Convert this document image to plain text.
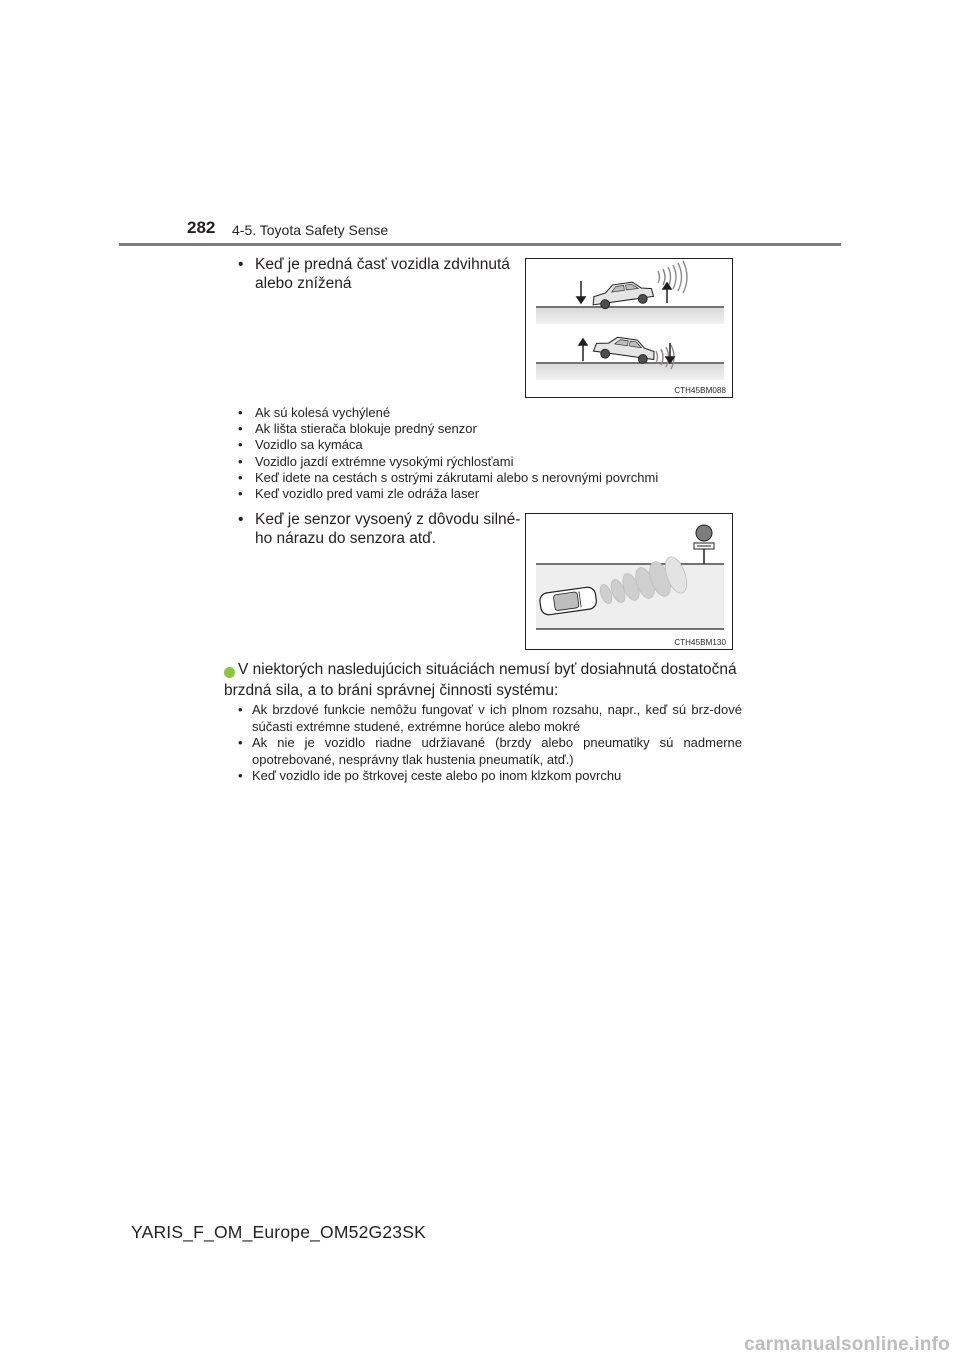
282 4-5. Toyota Safety Sense
• Keď je predná časť vozidla zdvihnutá
alebo znížená
CTH45BM088
• Ak sú kolesá vychýlené
• Ak lišta stierača blokuje predný senzor
• Vozidlo sa kymáca
• Vozidlo jazdí extrémne vysokými rýchlosťami
• Keď idete na cestách s ostrými zákrutami alebo s nerovnými povrchmi
• Keď vozidlo pred vami zle odráža laser
• Keď je senzor vysoený z dôvodu silné-
ho nárazu do senzora atď.
CTH45BM130
V niektorých nasledujúcich situáciách nemusí byť dosiahnutá dostatočná
brzdná sila, a to bráni správnej činnosti systému:
• Ak brzdové funkcie nemôžu fungovať v ich plnom rozsahu, napr., keď sú brz-dové súčasti extrémne studené, extrémne horúce alebo mokré
• Ak nie je vozidlo riadne udržiavané (brzdy alebo pneumatiky sú nadmerne opotrebované, nesprávny tlak hustenia pneumatík, atď.)
• Keď vozidlo ide po štrkovej ceste alebo po inom klzkom povrchu
YARIS_F_OM_Europe_OM52G23SK
carmanualsonline.info
